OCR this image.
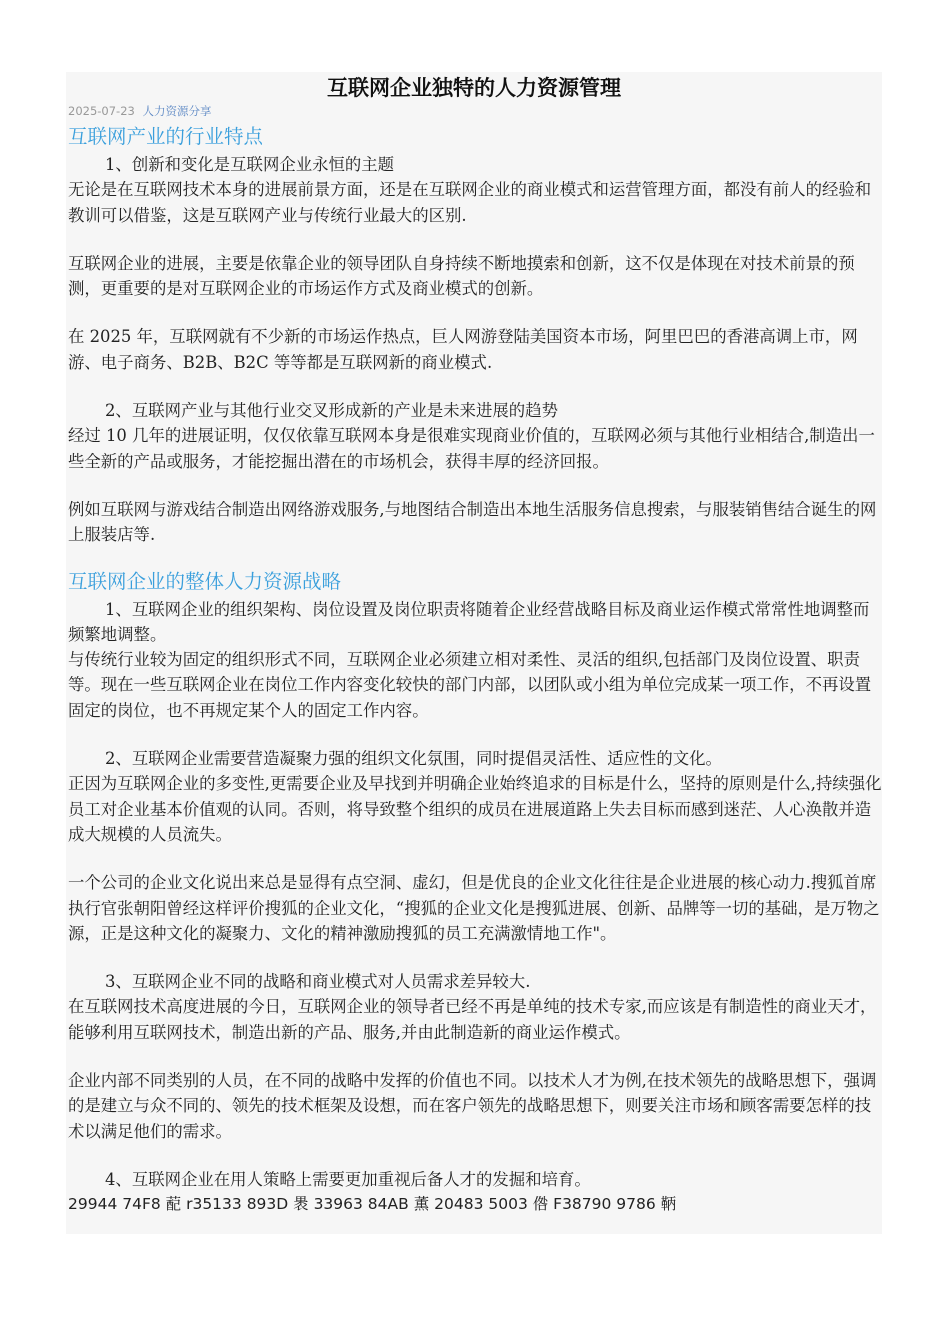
互联网企业独特的人力资源管理
2025-07-23 人力资源分享

互联网产业的行业特点

1、创新和变化是互联网企业永恒的主题

无论是在互联网技术本身的进展前景方面，还是在互联网企业的商业模式和运营管理方面，都没有前人的经验和教训可以借鉴，这是互联网产业与传统行业最大的区别.

互联网企业的进展，主要是依靠企业的领导团队自身持续不断地摸索和创新，这不仅是体现在对技术前景的预测，更重要的是对互联网企业的市场运作方式及商业模式的创新。

在 2025 年，互联网就有不少新的市场运作热点，巨人网游登陆美国资本市场，阿里巴巴的香港高调上市，网游、电子商务、B2B、B2C 等等都是互联网新的商业模式.

2、互联网产业与其他行业交叉形成新的产业是未来进展的趋势

经过 10 几年的进展证明，仅仅依靠互联网本身是很难实现商业价值的，互联网必须与其他行业相结合,制造出一些全新的产品或服务，才能挖掘出潜在的市场机会，获得丰厚的经济回报。

例如互联网与游戏结合制造出网络游戏服务,与地图结合制造出本地生活服务信息搜索，与服装销售结合诞生的网上服装店等.

互联网企业的整体人力资源战略

1、互联网企业的组织架构、岗位设置及岗位职责将随着企业经营战略目标及商业运作模式常常性地调整而频繁地调整。

与传统行业较为固定的组织形式不同，互联网企业必须建立相对柔性、灵活的组织,包括部门及岗位设置、职责等。现在一些互联网企业在岗位工作内容变化较快的部门内部，以团队或小组为单位完成某一项工作，不再设置固定的岗位，也不再规定某个人的固定工作内容。

2、互联网企业需要营造凝聚力强的组织文化氛围，同时提倡灵活性、适应性的文化。

正因为互联网企业的多变性,更需要企业及早找到并明确企业始终追求的目标是什么，坚持的原则是什么,持续强化员工对企业基本价值观的认同。否则，将导致整个组织的成员在进展道路上失去目标而感到迷茫、人心涣散并造成大规模的人员流失。

一个公司的企业文化说出来总是显得有点空洞、虚幻，但是优良的企业文化往往是企业进展的核心动力.搜狐首席执行官张朝阳曾经这样评价搜狐的企业文化，“搜狐的企业文化是搜狐进展、创新、品牌等一切的基础，是万物之源，正是这种文化的凝聚力、文化的精神激励搜狐的员工充满激情地工作"。

3、互联网企业不同的战略和商业模式对人员需求差异较大.

在互联网技术高度进展的今日，互联网企业的领导者已经不再是单纯的技术专家,而应该是有制造性的商业天才，能够利用互联网技术，制造出新的产品、服务,并由此制造新的商业运作模式。

企业内部不同类别的人员，在不同的战略中发挥的价值也不同。以技术人才为例,在技术领先的战略思想下，强调的是建立与众不同的、领先的技术框架及设想，而在客户领先的战略思想下，则要关注市场和顾客需要怎样的技术以满足他们的需求。

4、互联网企业在用人策略上需要更加重视后备人才的发掘和培育。

29944 74F8 蓜 r35133 893D 褁 33963 84AB 薫 20483 5003 倃 F38790 9786 鞆
